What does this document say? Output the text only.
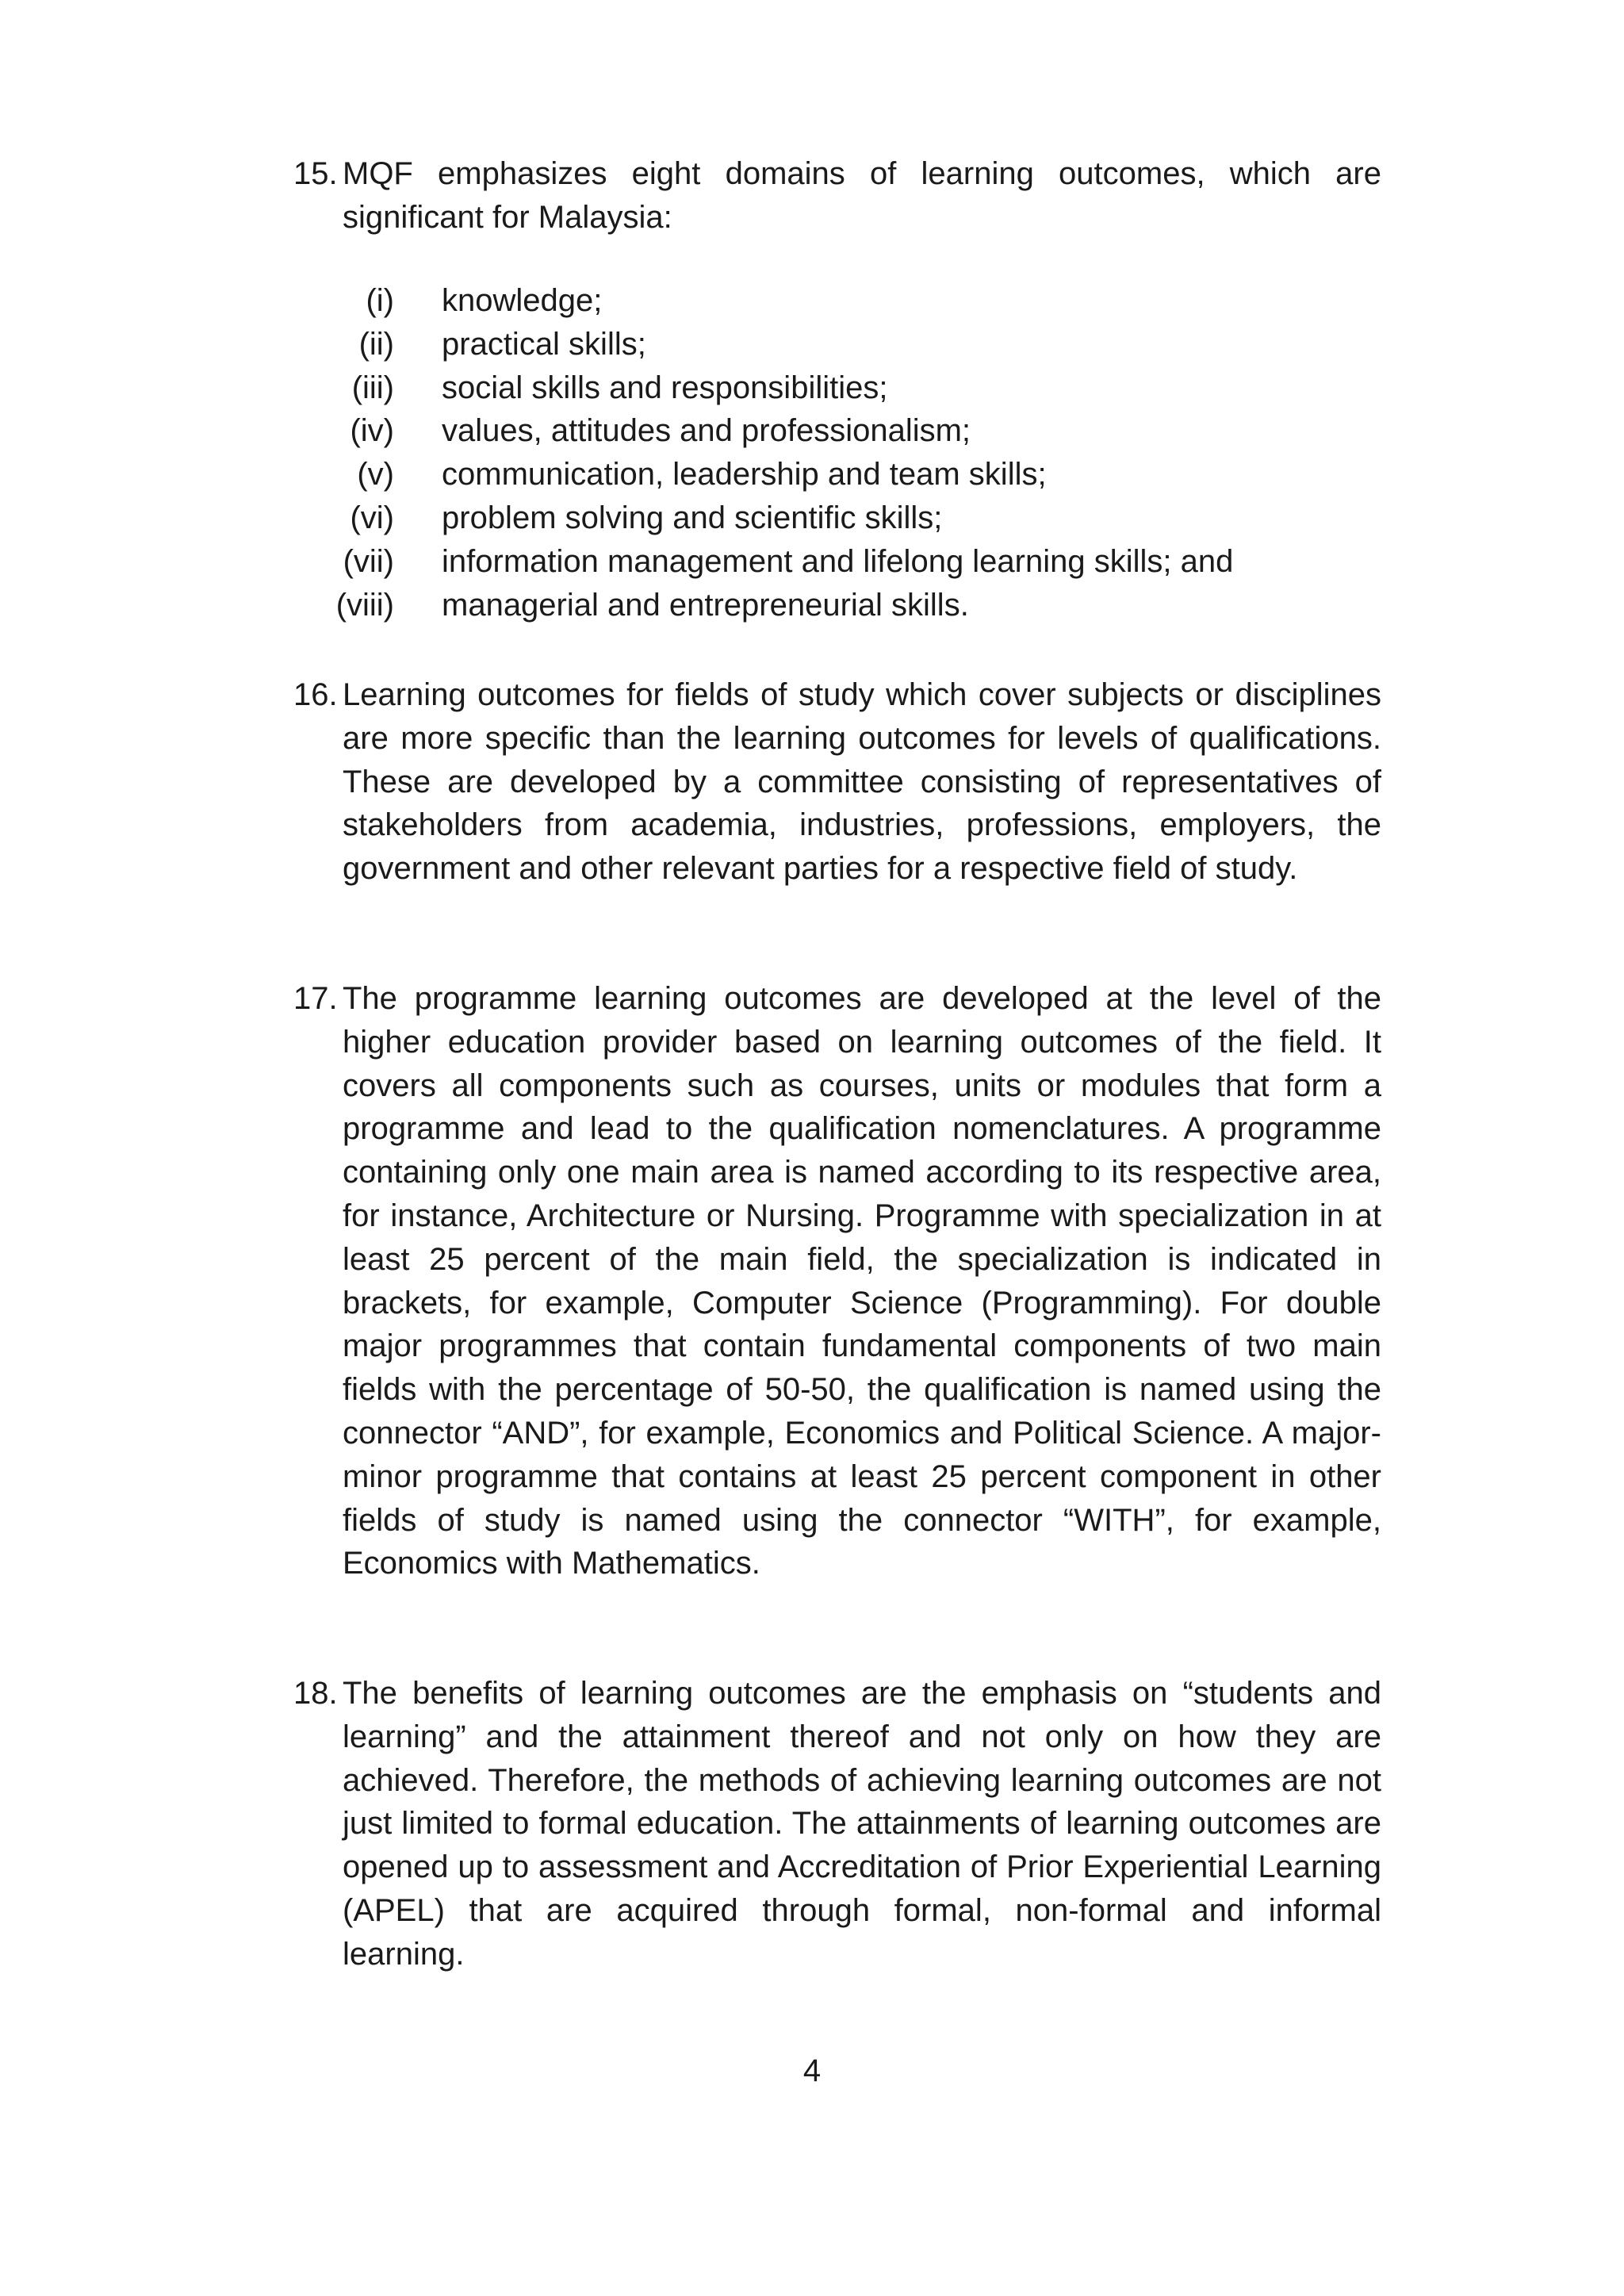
15. MQF emphasizes eight domains of learning outcomes, which are significant for Malaysia:
(i) knowledge;
(ii) practical skills;
(iii) social skills and responsibilities;
(iv) values, attitudes and professionalism;
(v) communication, leadership and team skills;
(vi) problem solving and scientific skills;
(vii) information management and lifelong learning skills; and
(viii) managerial and entrepreneurial skills.
16. Learning outcomes for fields of study which cover subjects or disciplines are more specific than the learning outcomes for levels of qualifications. These are developed by a committee consisting of representatives of stakeholders from academia, industries, professions, employers, the government and other relevant parties for a respective field of study.
17. The programme learning outcomes are developed at the level of the higher education provider based on learning outcomes of the field. It covers all components such as courses, units or modules that form a programme and lead to the qualification nomenclatures. A programme containing only one main area is named according to its respective area, for instance, Architecture or Nursing. Programme with specialization in at least 25 percent of the main field, the specialization is indicated in brackets, for example, Computer Science (Programming). For double major programmes that contain fundamental components of two main fields with the percentage of 50-50, the qualification is named using the connector “AND”, for example, Economics and Political Science. A major-minor programme that contains at least 25 percent component in other fields of study is named using the connector “WITH”, for example, Economics with Mathematics.
18. The benefits of learning outcomes are the emphasis on “students and learning” and the attainment thereof and not only on how they are achieved. Therefore, the methods of achieving learning outcomes are not just limited to formal education. The attainments of learning outcomes are opened up to assessment and Accreditation of Prior Experiential Learning (APEL) that are acquired through formal, non-formal and informal learning.
4
